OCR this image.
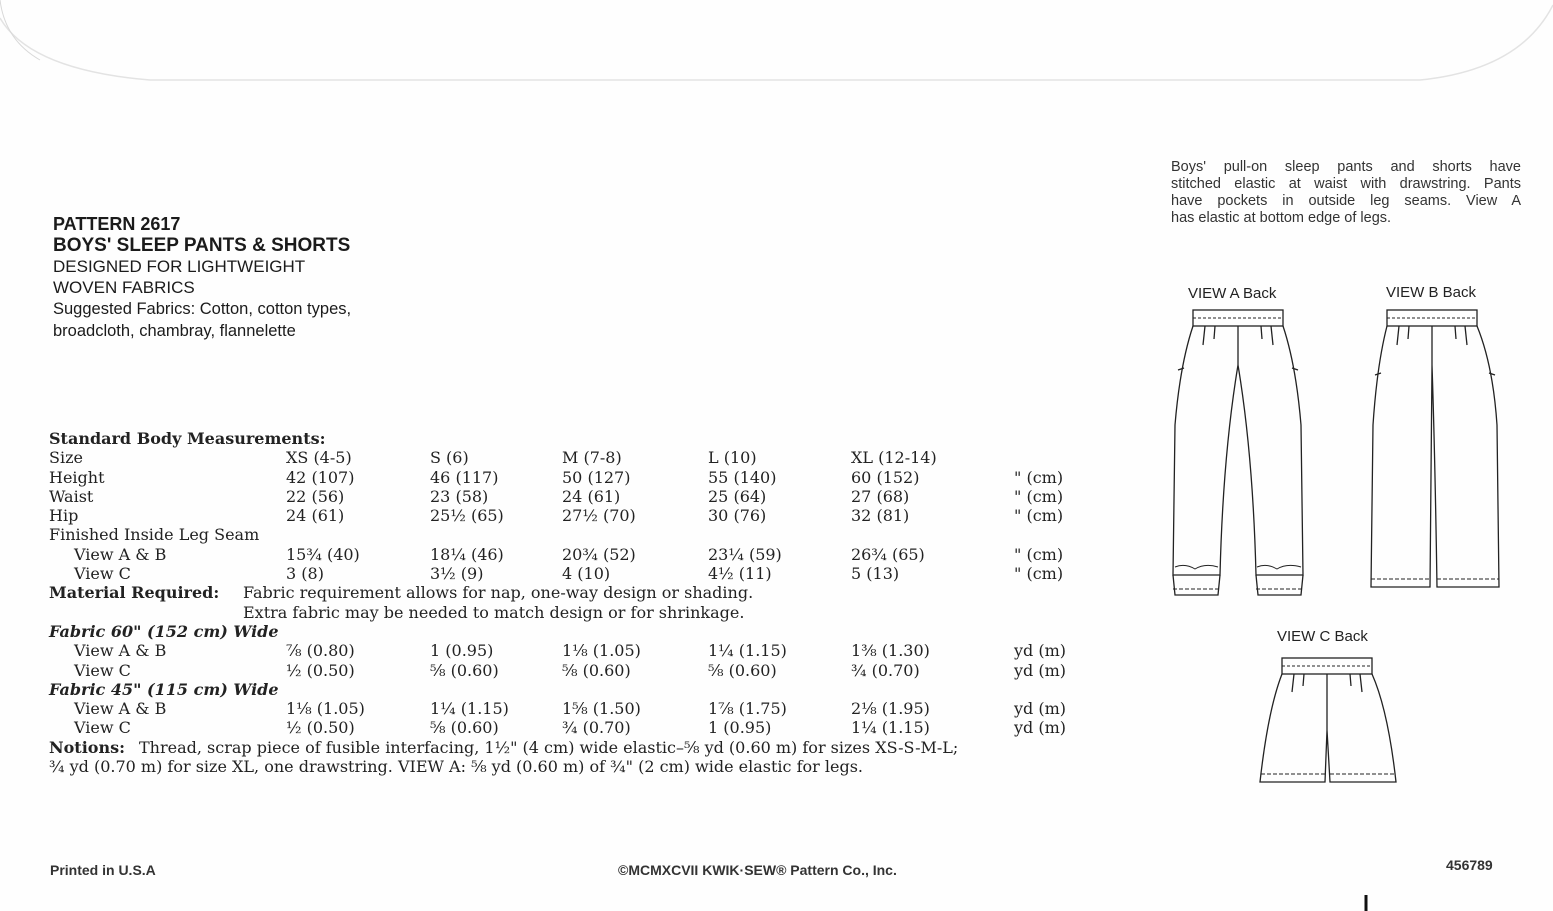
PATTERN 2617
BOYS' SLEEP PANTS & SHORTS
DESIGNED FOR LIGHTWEIGHT
WOVEN FABRICS
Suggested Fabrics: Cotton, cotton types,
broadcloth, chambray, flannelette
Boys' pull-on sleep pants and shorts have
stitched elastic at waist with drawstring. Pants
have pockets in outside leg seams. View A
has elastic at bottom edge of legs.
Standard Body Measurements:
Size	XS (4-5)	S (6)	M (7-8)	L (10)	XL (12-14)
Height	42 (107)	46 (117)	50 (127)	55 (140)	60 (152)	" (cm)
Waist	22 (56)	23 (58)	24 (61)	25 (64)	27 (68)	" (cm)
Hip	24 (61)	25½ (65)	27½ (70)	30 (76)	32 (81)	" (cm)
Finished Inside Leg Seam
View A & B	15¾ (40)	18¼ (46)	20¾ (52)	23¼ (59)	26¾ (65)	" (cm)
View C	3 (8)	3½ (9)	4 (10)	4½ (11)	5 (13)	" (cm)
Material Required: Fabric requirement allows for nap, one-way design or shading.
Extra fabric may be needed to match design or for shrinkage.
Fabric 60" (152 cm) Wide
View A & B	⅞ (0.80)	1 (0.95)	1⅛ (1.05)	1¼ (1.15)	1⅜ (1.30)	yd (m)
View C	½ (0.50)	⅝ (0.60)	⅝ (0.60)	⅝ (0.60)	¾ (0.70)	yd (m)
Fabric 45" (115 cm) Wide
View A & B	1⅛ (1.05)	1¼ (1.15)	1⅝ (1.50)	1⅞ (1.75)	2⅛ (1.95)	yd (m)
View C	½ (0.50)	⅝ (0.60)	¾ (0.70)	1 (0.95)	1¼ (1.15)	yd (m)
Notions: Thread, scrap piece of fusible interfacing, 1½" (4 cm) wide elastic–⅝ yd (0.60 m) for sizes XS-S-M-L;
¾ yd (0.70 m) for size XL, one drawstring. VIEW A: ⅝ yd (0.60 m) of ¾" (2 cm) wide elastic for legs.
VIEW A Back	VIEW B Back
VIEW C Back
Printed in U.S.A	©MCMXCVII KWIK·SEW® Pattern Co., Inc.	456789
